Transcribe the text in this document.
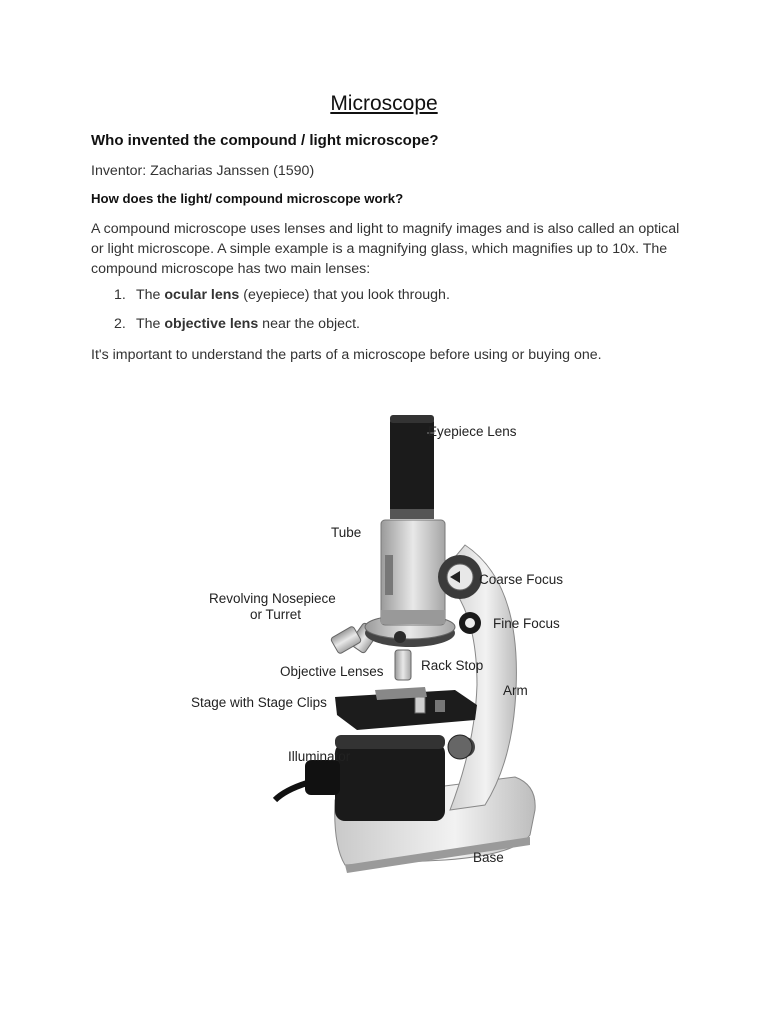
Microscope
Who invented the compound / light microscope?

Inventor: Zacharias Janssen (1590)

How does the light/ compound microscope work?

A compound microscope uses lenses and light to magnify images and is also called an optical or light microscope. A simple example is a magnifying glass, which magnifies up to 10x. The compound microscope has two main lenses:

1. The ocular lens (eyepiece) that you look through.
2. The objective lens near the object.

It's important to understand the parts of a microscope before using or buying one.

Eyepiece Lens
Tube
Coarse Focus
Revolving Nosepiece
or Turret
Fine Focus
Rack Stop
Objective Lenses
Arm
Stage with Stage Clips
Illuminator
Base
